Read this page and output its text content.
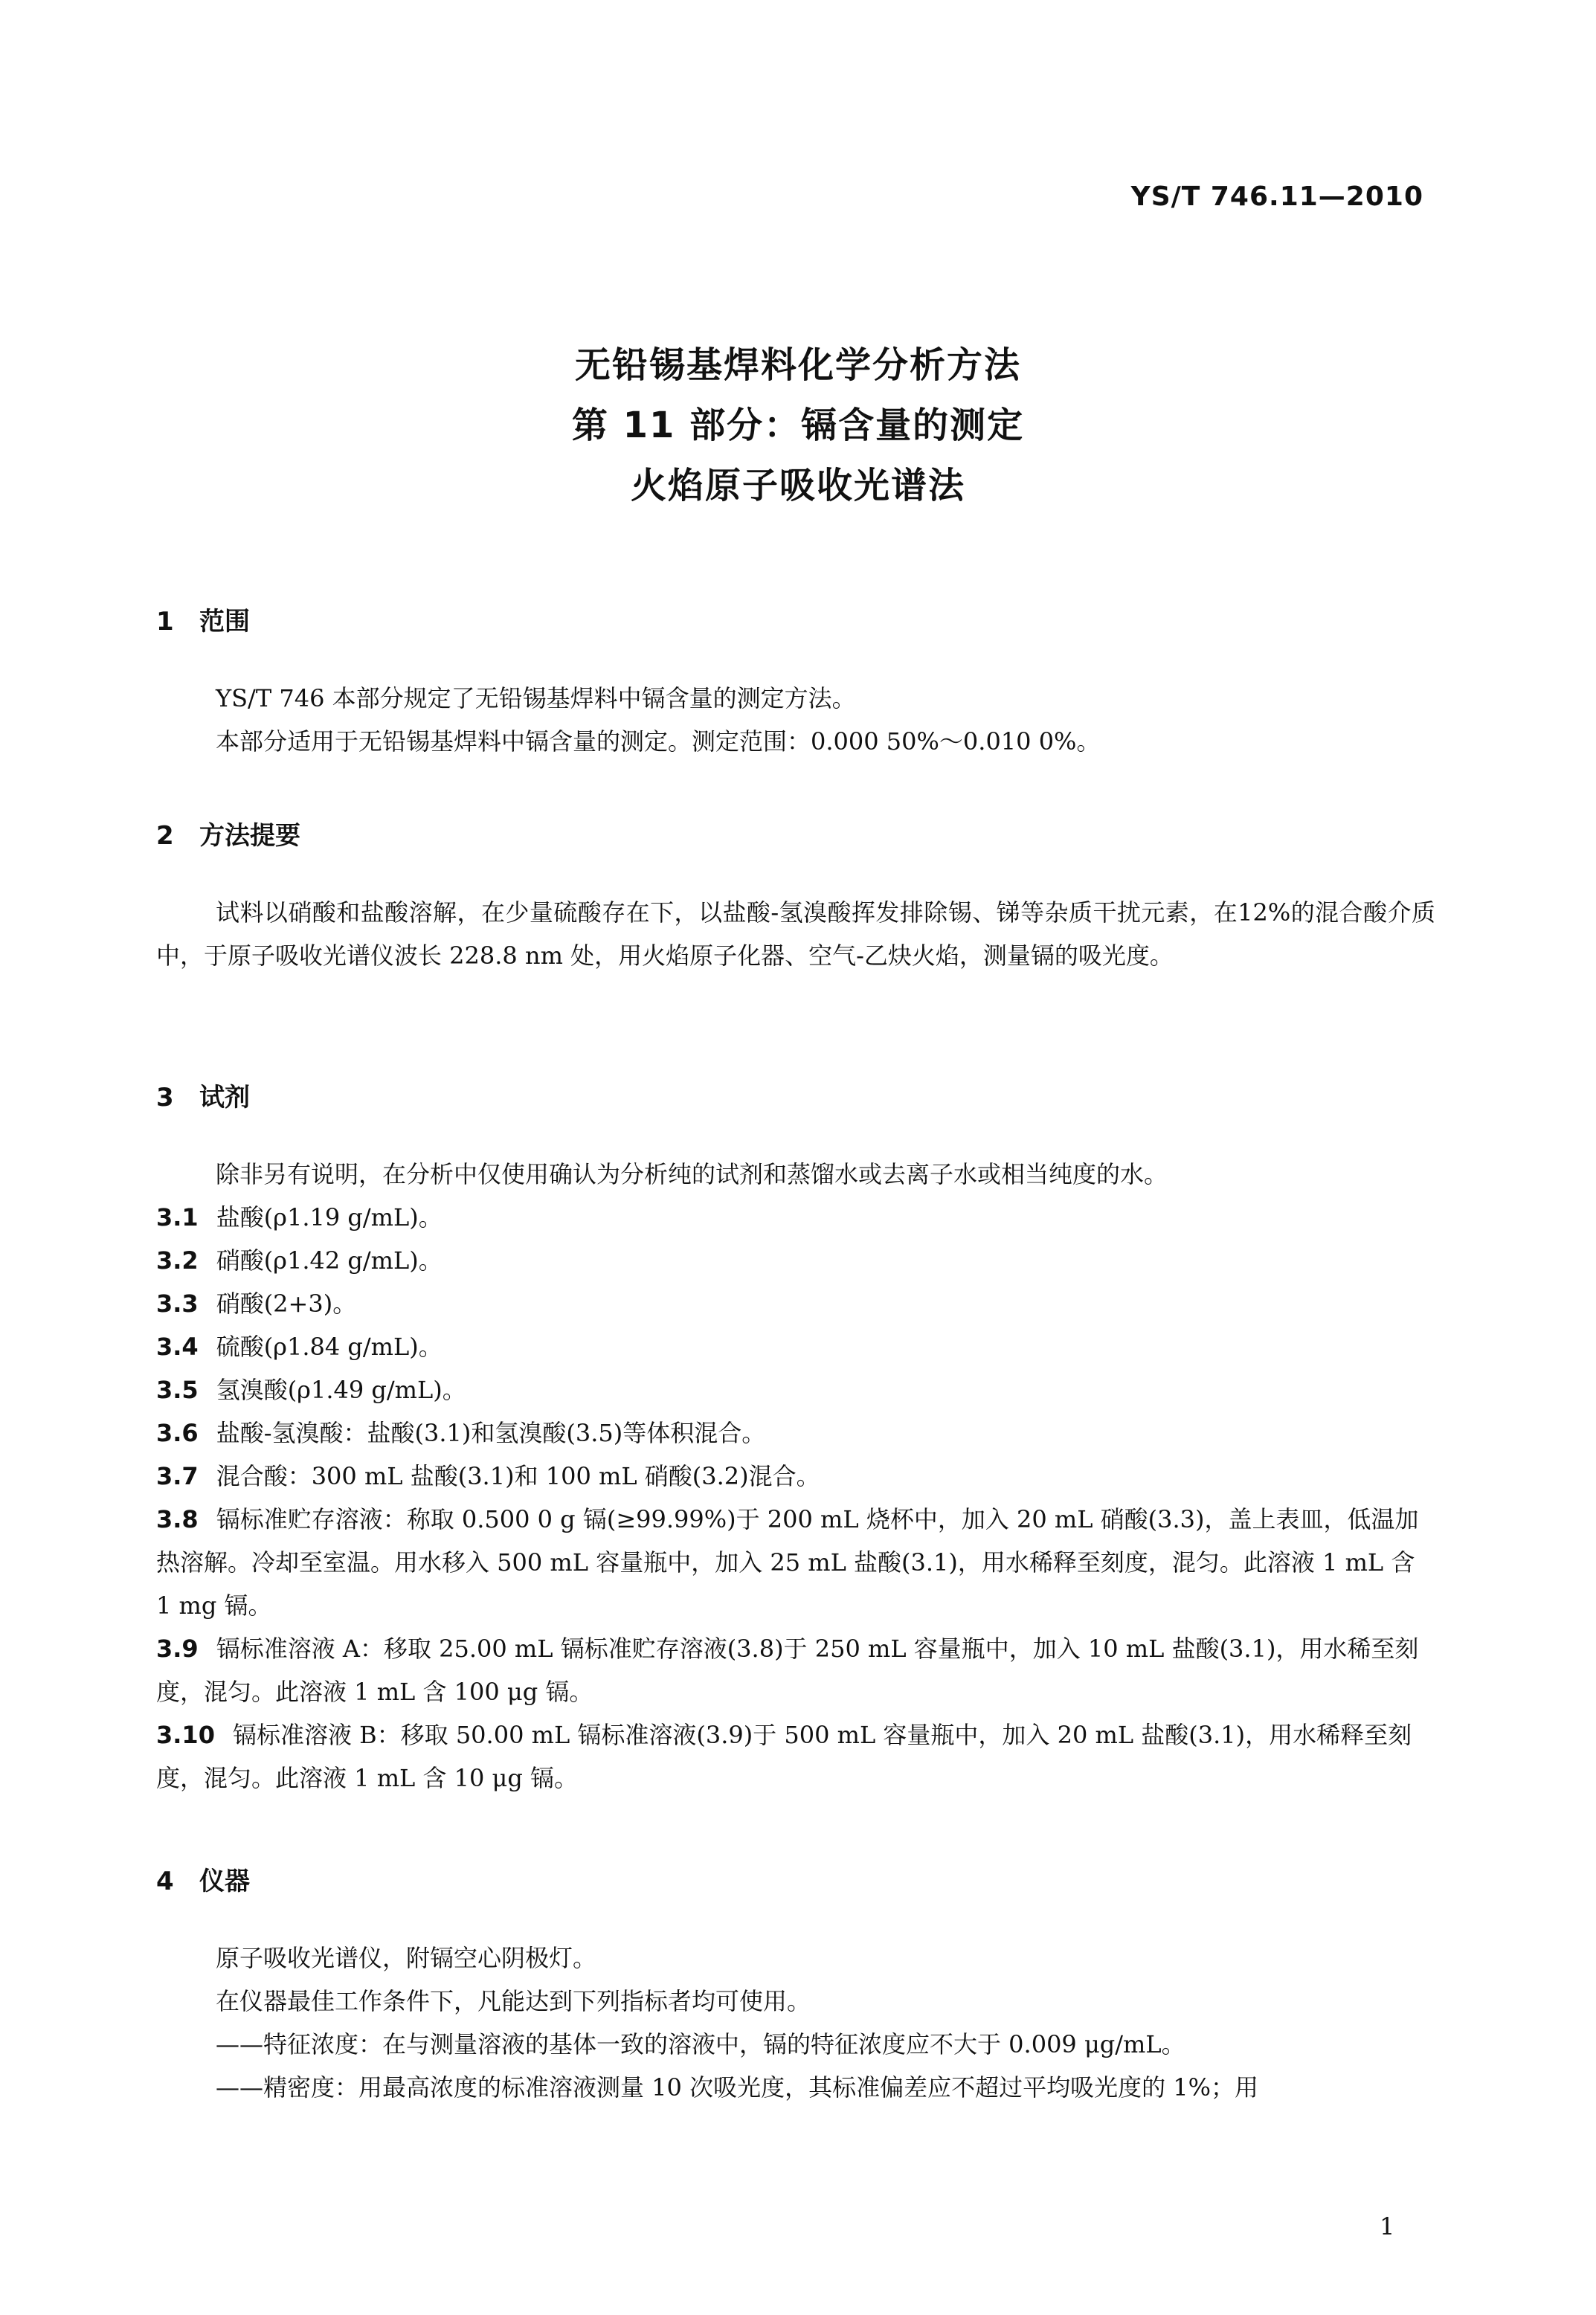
YS/T 746.11—2010
无铅锡基焊料化学分析方法
第 11 部分：镉含量的测定
火焰原子吸收光谱法
1 范围
YS/T 746 本部分规定了无铅锡基焊料中镉含量的测定方法。
本部分适用于无铅锡基焊料中镉含量的测定。测定范围：0.000 50%～0.010 0%。
2 方法提要
试料以硝酸和盐酸溶解，在少量硫酸存在下，以盐酸-氢溴酸挥发排除锡、锑等杂质干扰元素，在12%的混合酸介质中，于原子吸收光谱仪波长 228.8 nm 处，用火焰原子化器、空气-乙炔火焰，测量镉的吸光度。
3 试剂
除非另有说明，在分析中仅使用确认为分析纯的试剂和蒸馏水或去离子水或相当纯度的水。
3.1 盐酸(ρ1.19 g/mL)。
3.2 硝酸(ρ1.42 g/mL)。
3.3 硝酸(2+3)。
3.4 硫酸(ρ1.84 g/mL)。
3.5 氢溴酸(ρ1.49 g/mL)。
3.6 盐酸-氢溴酸：盐酸(3.1)和氢溴酸(3.5)等体积混合。
3.7 混合酸：300 mL 盐酸(3.1)和 100 mL 硝酸(3.2)混合。
3.8 镉标准贮存溶液：称取 0.500 0 g 镉(≥99.99%)于 200 mL 烧杯中，加入 20 mL 硝酸(3.3)，盖上表皿，低温加热溶解。冷却至室温。用水移入 500 mL 容量瓶中，加入 25 mL 盐酸(3.1)，用水稀释至刻度，混匀。此溶液 1 mL 含 1 mg 镉。
3.9 镉标准溶液 A：移取 25.00 mL 镉标准贮存溶液(3.8)于 250 mL 容量瓶中，加入 10 mL 盐酸(3.1)，用水稀至刻度，混匀。此溶液 1 mL 含 100 μg 镉。
3.10 镉标准溶液 B：移取 50.00 mL 镉标准溶液(3.9)于 500 mL 容量瓶中，加入 20 mL 盐酸(3.1)，用水稀释至刻度，混匀。此溶液 1 mL 含 10 μg 镉。
4 仪器
原子吸收光谱仪，附镉空心阴极灯。
在仪器最佳工作条件下，凡能达到下列指标者均可使用。
——特征浓度：在与测量溶液的基体一致的溶液中，镉的特征浓度应不大于 0.009 μg/mL。
——精密度：用最高浓度的标准溶液测量 10 次吸光度，其标准偏差应不超过平均吸光度的 1%；用
1
